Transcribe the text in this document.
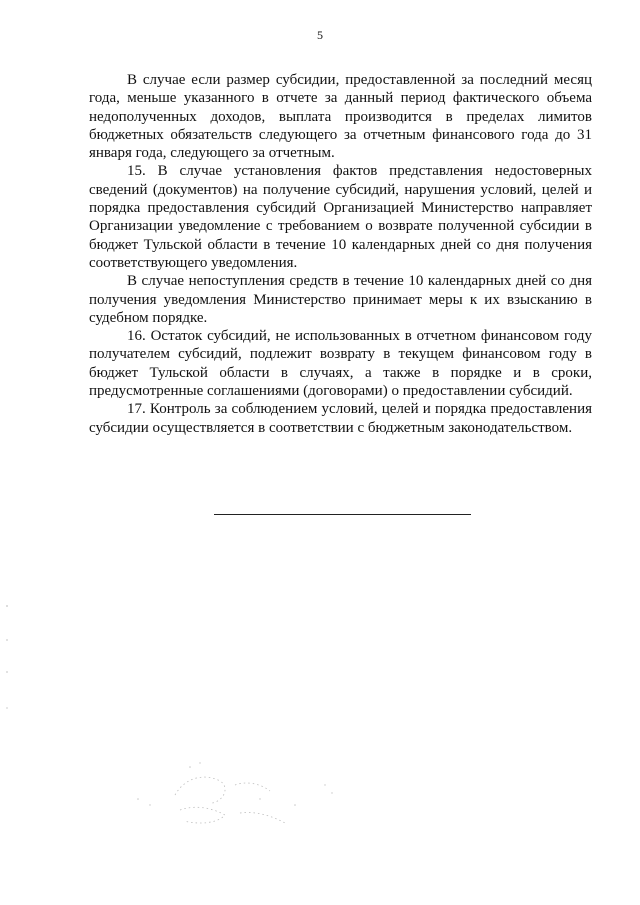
5

В случае если размер субсидии, предоставленной за последний месяц года, меньше указанного в отчете за данный период фактического объема недополученных доходов, выплата производится в пределах лимитов бюджетных обязательств следующего за отчетным финансового года до 31 января года, следующего за отчетным.

15. В случае установления фактов представления недостоверных сведений (документов) на получение субсидий, нарушения условий, целей и порядка предоставления субсидий Организацией Министерство направляет Организации уведомление с требованием о возврате полученной субсидии в бюджет Тульской области в течение 10 календарных дней со дня получения соответствующего уведомления.

В случае непоступления средств в течение 10 календарных дней со дня получения уведомления Министерство принимает меры к их взысканию в судебном порядке.

16. Остаток субсидий, не использованных в отчетном финансовом году получателем субсидий, подлежит возврату в текущем финансовом году в бюджет Тульской области в случаях, а также в порядке и в сроки, предусмотренные соглашениями (договорами) о предоставлении субсидий.

17. Контроль за соблюдением условий, целей и порядка предоставления субсидии осуществляется в соответствии с бюджетным законодательством.
